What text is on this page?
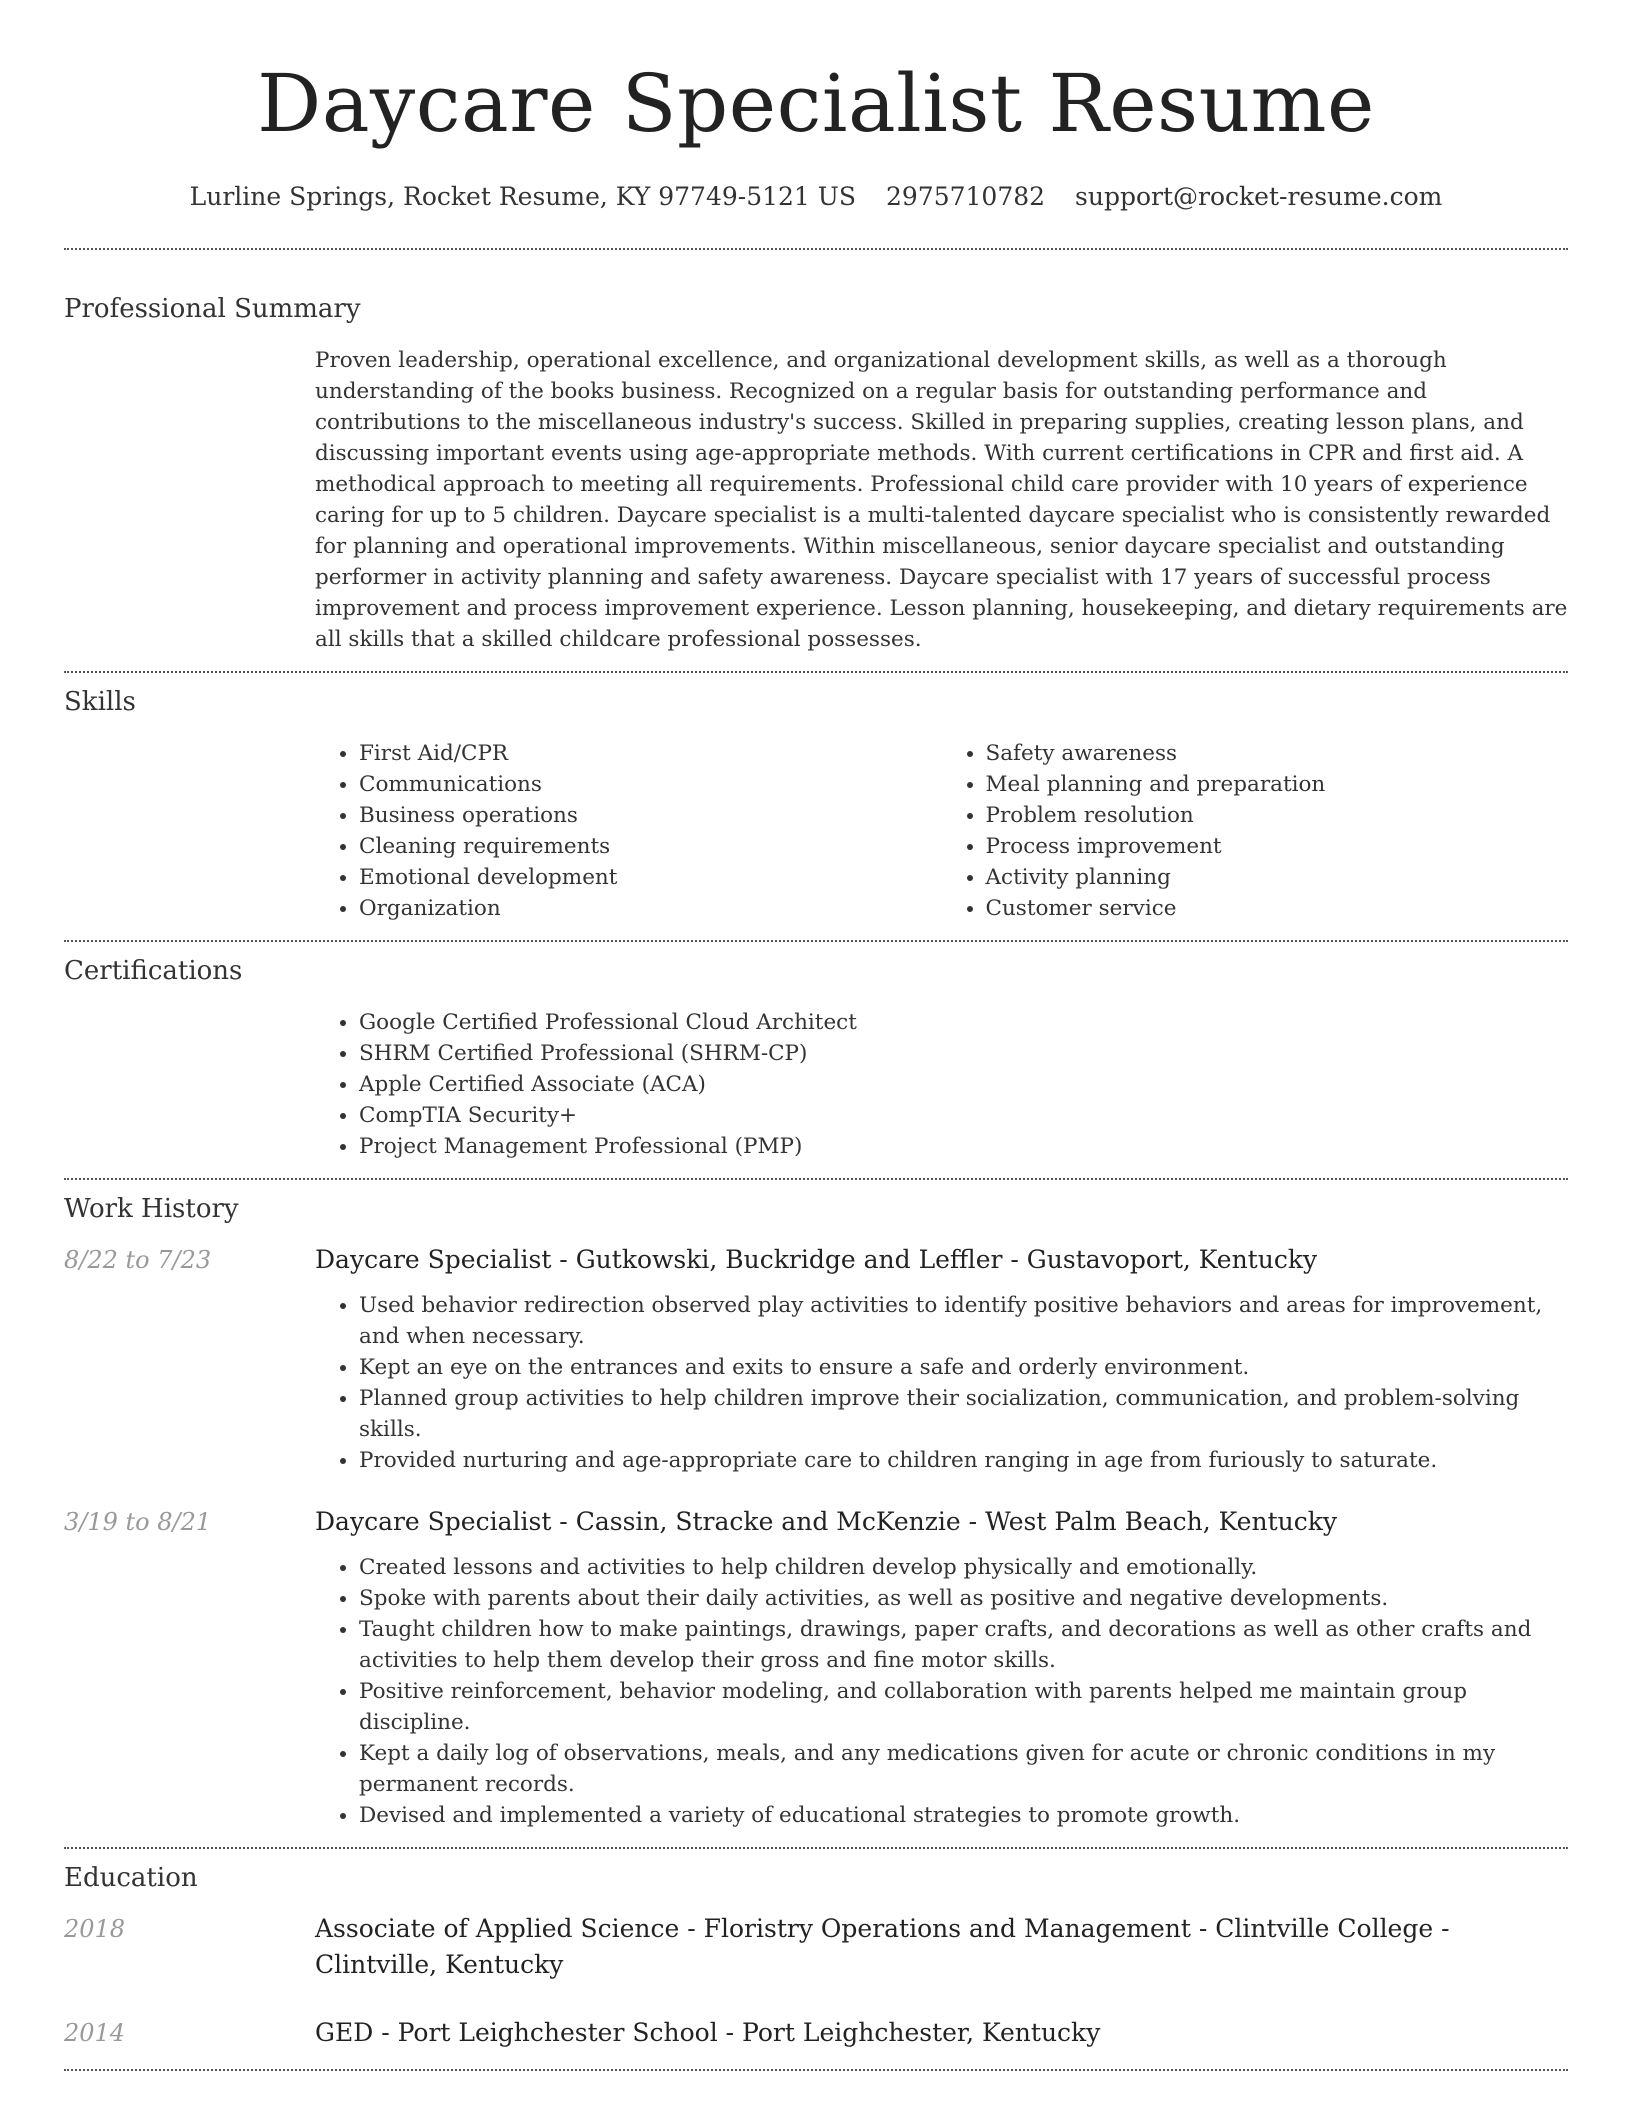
Daycare Specialist Resume
Lurline Springs, Rocket Resume, KY 97749-5121 US 2975710782 support@rocket-resume.com
Professional Summary

Proven leadership, operational excellence, and organizational development skills, as well as a thorough understanding of the books business. Recognized on a regular basis for outstanding performance and contributions to the miscellaneous industry's success. Skilled in preparing supplies, creating lesson plans, and discussing important events using age-appropriate methods. With current certifications in CPR and first aid. A methodical approach to meeting all requirements. Professional child care provider with 10 years of experience caring for up to 5 children. Daycare specialist is a multi-talented daycare specialist who is consistently rewarded for planning and operational improvements. Within miscellaneous, senior daycare specialist and outstanding performer in activity planning and safety awareness. Daycare specialist with 17 years of successful process improvement and process improvement experience. Lesson planning, housekeeping, and dietary requirements are all skills that a skilled childcare professional possesses.

Skills
• First Aid/CPR
• Communications
• Business operations
• Cleaning requirements
• Emotional development
• Organization
• Safety awareness
• Meal planning and preparation
• Problem resolution
• Process improvement
• Activity planning
• Customer service
Certifications
• Google Certified Professional Cloud Architect
• SHRM Certified Professional (SHRM-CP)
• Apple Certified Associate (ACA)
• CompTIA Security+
• Project Management Professional (PMP)
Work History
8/22 to 7/23	Daycare Specialist - Gutkowski, Buckridge and Leffler - Gustavoport, Kentucky
• Used behavior redirection observed play activities to identify positive behaviors and areas for improvement, and when necessary.
• Kept an eye on the entrances and exits to ensure a safe and orderly environment.
• Planned group activities to help children improve their socialization, communication, and problem-solving skills.
• Provided nurturing and age-appropriate care to children ranging in age from furiously to saturate.
3/19 to 8/21	Daycare Specialist - Cassin, Stracke and McKenzie - West Palm Beach, Kentucky
• Created lessons and activities to help children develop physically and emotionally.
• Spoke with parents about their daily activities, as well as positive and negative developments.
• Taught children how to make paintings, drawings, paper crafts, and decorations as well as other crafts and activities to help them develop their gross and fine motor skills.
• Positive reinforcement, behavior modeling, and collaboration with parents helped me maintain group discipline.
• Kept a daily log of observations, meals, and any medications given for acute or chronic conditions in my permanent records.
• Devised and implemented a variety of educational strategies to promote growth.
Education
2018	Associate of Applied Science - Floristry Operations and Management - Clintville College - Clintville, Kentucky
2014	GED - Port Leighchester School - Port Leighchester, Kentucky
